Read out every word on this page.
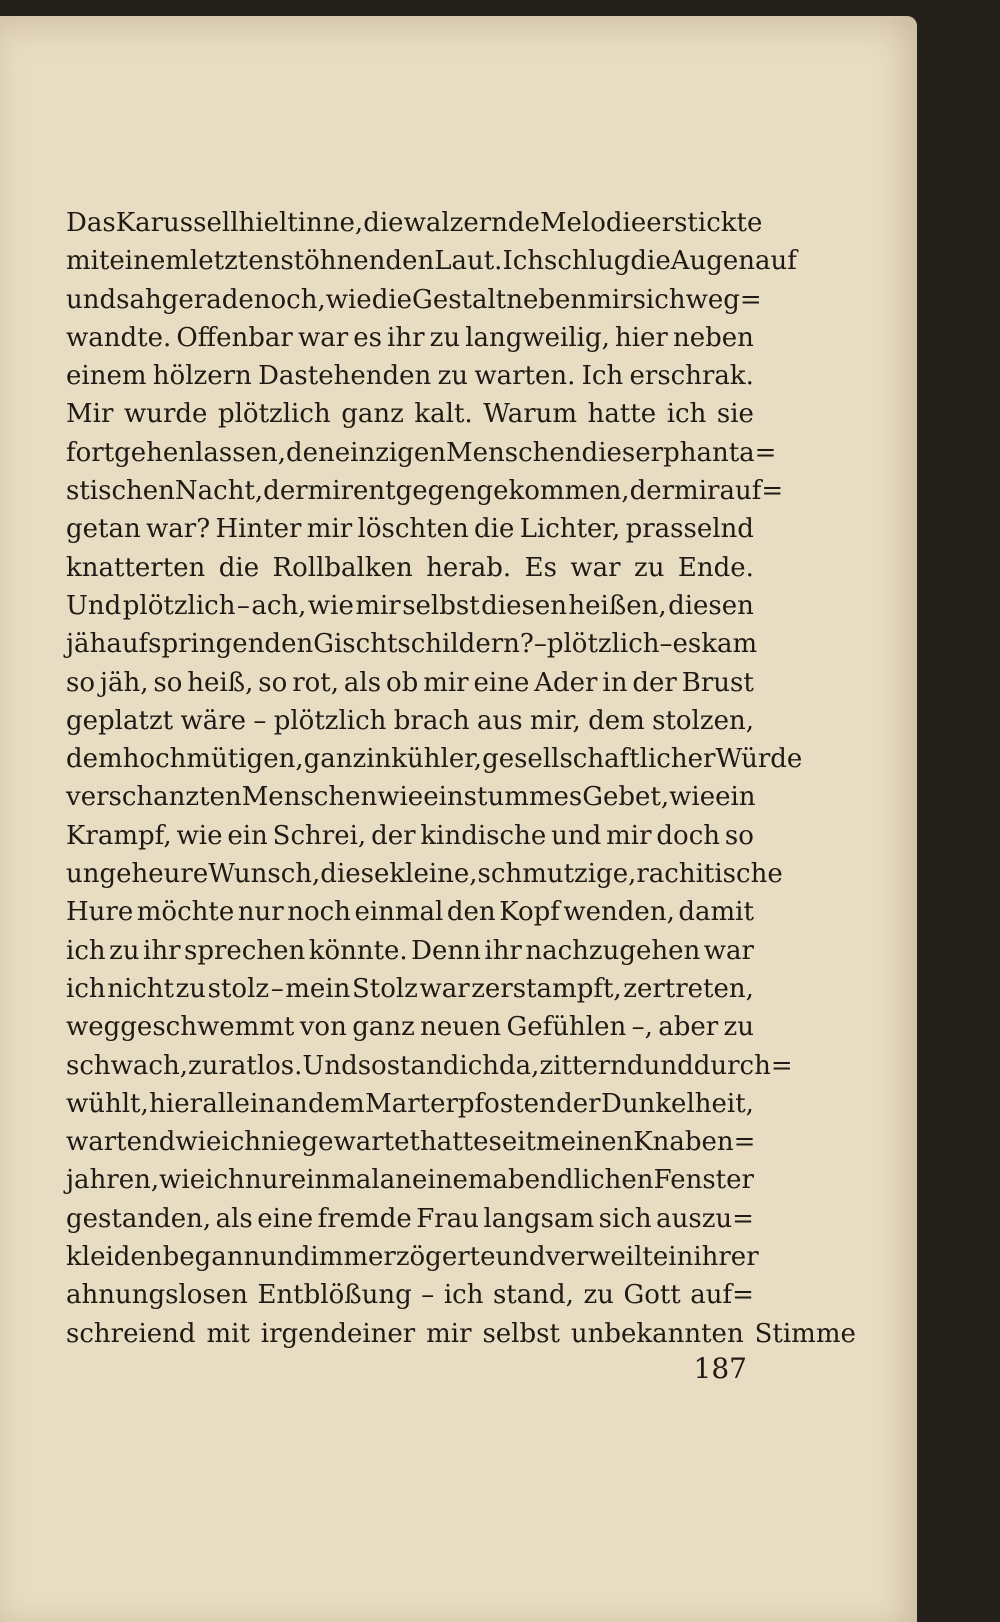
Das Karussell hielt inne, die walzernde Melodie erstickte
mit einem letzten stöhnenden Laut. Ich schlug die Augen auf
und sah gerade noch, wie die Gestalt neben mir sich weg=
wandte. Offenbar war es ihr zu langweilig, hier neben
einem hölzern Dastehenden zu warten. Ich erschrak.
Mir wurde plötzlich ganz kalt. Warum hatte ich sie
fortgehen lassen, den einzigen Menschen dieser phanta=
stischen Nacht, der mir entgegengekommen, der mir auf=
getan war? Hinter mir löschten die Lichter, prasselnd
knatterten die Rollbalken herab. Es war zu Ende.
Und plötzlich – ach, wie mir selbst diesen heißen, diesen
jäh aufspringenden Gischt schildern? – plötzlich – es kam
so jäh, so heiß, so rot, als ob mir eine Ader in der Brust
geplatzt wäre – plötzlich brach aus mir, dem stolzen,
dem hochmütigen, ganz in kühler, gesellschaftlicher Würde
verschanzten Menschen wie ein stummes Gebet, wie ein
Krampf, wie ein Schrei, der kindische und mir doch so
ungeheure Wunsch, diese kleine, schmutzige, rachitische
Hure möchte nur noch einmal den Kopf wenden, damit
ich zu ihr sprechen könnte. Denn ihr nachzugehen war
ich nicht zu stolz – mein Stolz war zerstampft, zertreten,
weggeschwemmt von ganz neuen Gefühlen –, aber zu
schwach, zu ratlos. Und so stand ich da, zitternd und durch=
wühlt, hier allein an dem Marterpfosten der Dunkelheit,
wartend wie ich nie gewartet hatte seit meinen Knaben=
jahren, wie ich nur einmal an einem abendlichen Fenster
gestanden, als eine fremde Frau langsam sich auszu=
kleiden begann und immer zögerte und verweilte in ihrer
ahnungslosen Entblößung – ich stand, zu Gott auf=
schreiend mit irgendeiner mir selbst unbekannten Stimme
187
